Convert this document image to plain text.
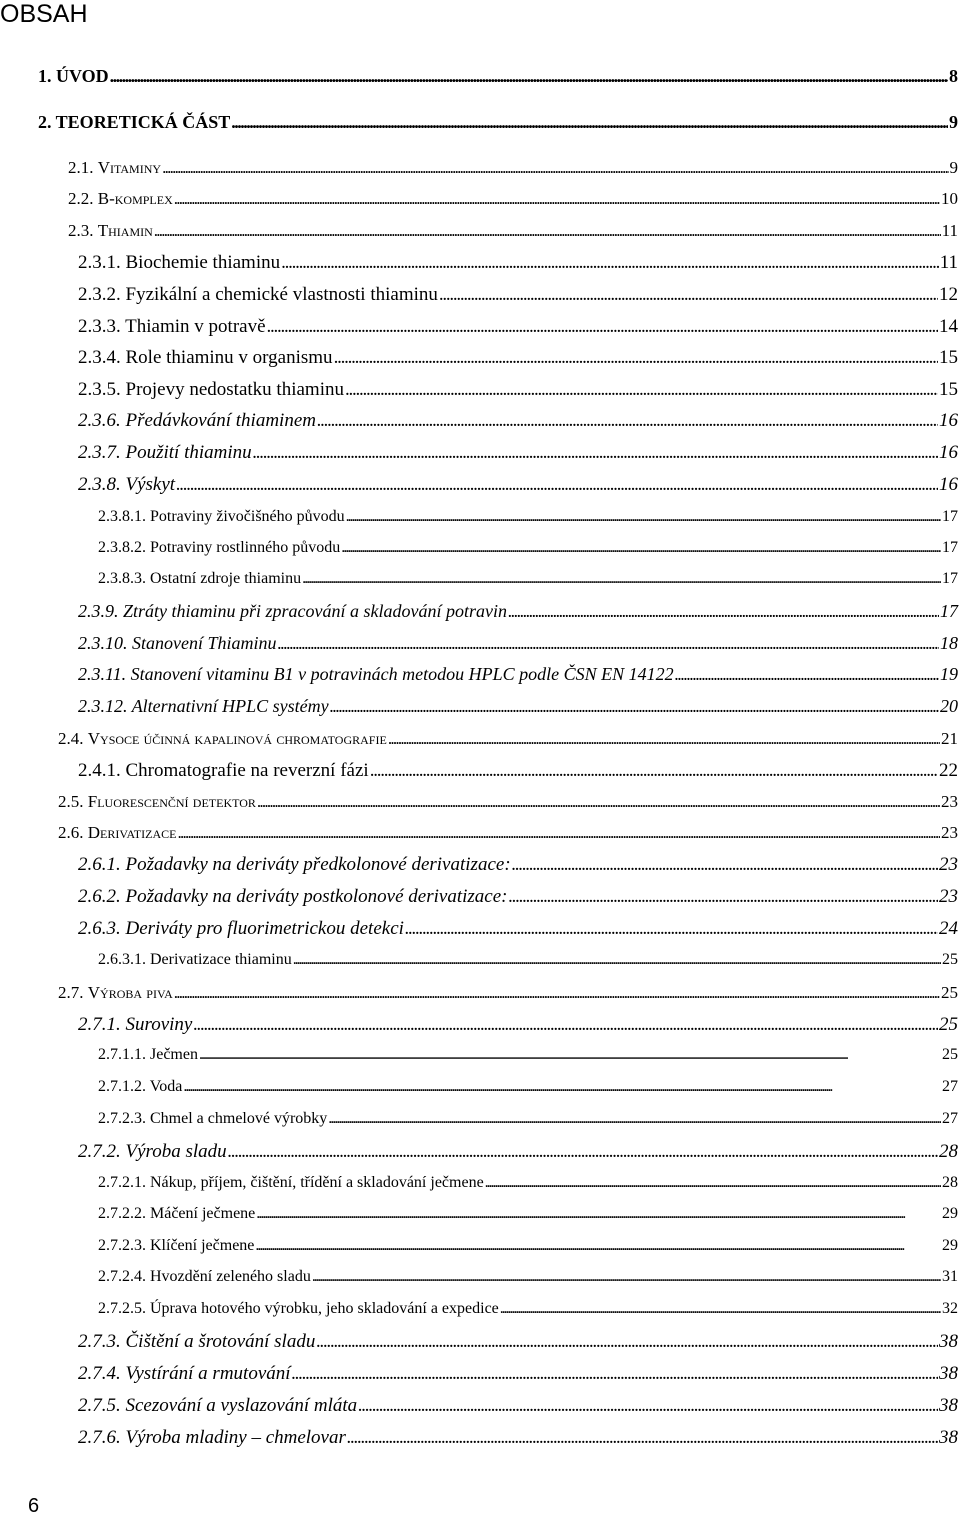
OBSAH
1. ÚVOD . . .	8
2. TEORETICKÁ ČÁST . . .	9
2.1. Vitaminy . . .	9
2.2. B-komplex . . .	10
2.3. Thiamin . . .	11
2.3.1. Biochemie thiaminu . . .	11
2.3.2. Fyzikální a chemické vlastnosti thiaminu . . .	12
2.3.3. Thiamin v potravě . . .	14
2.3.4. Role thiaminu v organismu . . .	15
2.3.5. Projevy nedostatku thiaminu . . .	15
2.3.6. Předávkování thiaminem . . .	16
2.3.7. Použití thiaminu . . .	16
2.3.8. Výskyt . . .	16
2.3.8.1. Potraviny živočišného původu . . .	17
2.3.8.2. Potraviny rostlinného původu . . .	17
2.3.8.3. Ostatní zdroje thiaminu . . .	17
2.3.9. Ztráty thiaminu při zpracování a skladování potravin . . .	17
2.3.10. Stanovení Thiaminu . . .	18
2.3.11. Stanovení vitaminu B1 v potravinách metodou HPLC podle ČSN EN 14122 . . .	19
2.3.12. Alternativní HPLC systémy . . .	20
2.4. Vysoce účinná kapalinová chromatografie . . .	21
2.4.1. Chromatografie na reverzní fázi . . .	22
2.5. Fluorescenční detektor . . .	23
2.6. Derivatizace . . .	23
2.6.1. Požadavky na deriváty předkolonové derivatizace: . . .	23
2.6.2. Požadavky na deriváty postkolonové derivatizace: . . .	23
2.6.3. Deriváty pro fluorimetrickou detekci . . .	24
2.6.3.1. Derivatizace thiaminu . . .	25
2.7. Výroba piva . . .	25
2.7.1. Suroviny . . .	25
2.7.1.1. Ječmen . . .	25
2.7.1.2. Voda . . .	27
2.7.2.3. Chmel a chmelové výrobky . . .	27
2.7.2. Výroba sladu . . .	28
2.7.2.1. Nákup, příjem, čištění, třídění a skladování ječmene . . .	28
2.7.2.2. Máčení ječmene . . .	29
2.7.2.3. Klíčení ječmene . . .	29
2.7.2.4. Hvozdění zeleného sladu . . .	31
2.7.2.5. Úprava hotového výrobku, jeho skladování a expedice . . .	32
2.7.3. Čištění a šrotování sladu . . .	38
2.7.4. Vystírání a rmutování . . .	38
2.7.5. Scezování a vyslazování mláta . . .	38
2.7.6. Výroba mladiny – chmelovar . . .	38
6
